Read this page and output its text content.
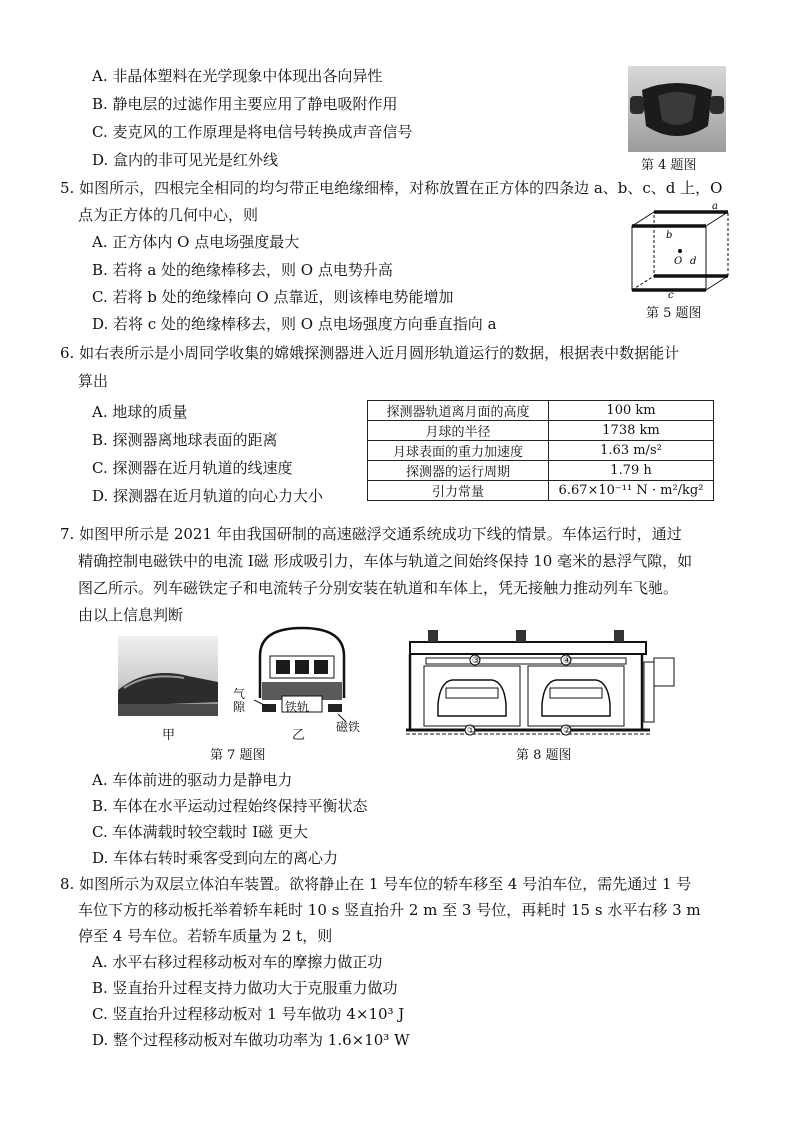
A. 非晶体塑料在光学现象中体现出各向异性
B. 静电层的过滤作用主要应用了静电吸附作用
C. 麦克风的工作原理是将电信号转换成声音信号
D. 盒内的非可见光是红外线	第 4 题图
5. 如图所示，四根完全相同的均匀带正电绝缘细棒，对称放置在正方体的四条边 a、b、c、d 上，O
点为正方体的几何中心，则
A. 正方体内 O 点电场强度最大
B. 若将 a 处的绝缘棒移去，则 O 点电势升高
C. 若将 b 处的绝缘棒向 O 点靠近，则该棒电势能增加
D. 若将 c 处的绝缘棒移去，则 O 点电场强度方向垂直指向 a
a
b
O d
c
第 5 题图
6. 如右表所示是小周同学收集的嫦娥探测器进入近月圆形轨道运行的数据，根据表中数据能计
算出
A. 地球的质量
B. 探测器离地球表面的距离
C. 探测器在近月轨道的线速度
D. 探测器在近月轨道的向心力大小
探测器轨道离月面的高度	100 km
月球的半径	1738 km
月球表面的重力加速度	1.63 m/s²
探测器的运行周期	1.79 h
引力常量	6.67×10⁻¹¹ N · m²/kg²
7. 如图甲所示是 2021 年由我国研制的高速磁浮交通系统成功下线的情景。车体运行时，通过
精确控制电磁铁中的电流 I磁 形成吸引力，车体与轨道之间始终保持 10 毫米的悬浮气隙，如
图乙所示。列车磁铁定子和电流转子分别安装在轨道和车体上，凭无接触力推动列车飞驰。
由以上信息判断
甲
气隙	铁轨
磁铁
乙
第 7 题图
③	④
①	②
第 8 题图
A. 车体前进的驱动力是静电力
B. 车体在水平运动过程始终保持平衡状态
C. 车体满载时较空载时 I磁 更大
D. 车体右转时乘客受到向左的离心力
8. 如图所示为双层立体泊车装置。欲将静止在 1 号车位的轿车移至 4 号泊车位，需先通过 1 号
车位下方的移动板托举着轿车耗时 10 s 竖直抬升 2 m 至 3 号位，再耗时 15 s 水平右移 3 m
停至 4 号车位。若轿车质量为 2 t，则
A. 水平右移过程移动板对车的摩擦力做正功
B. 竖直抬升过程支持力做功大于克服重力做功
C. 竖直抬升过程移动板对 1 号车做功 4×10³ J
D. 整个过程移动板对车做功功率为 1.6×10³ W
